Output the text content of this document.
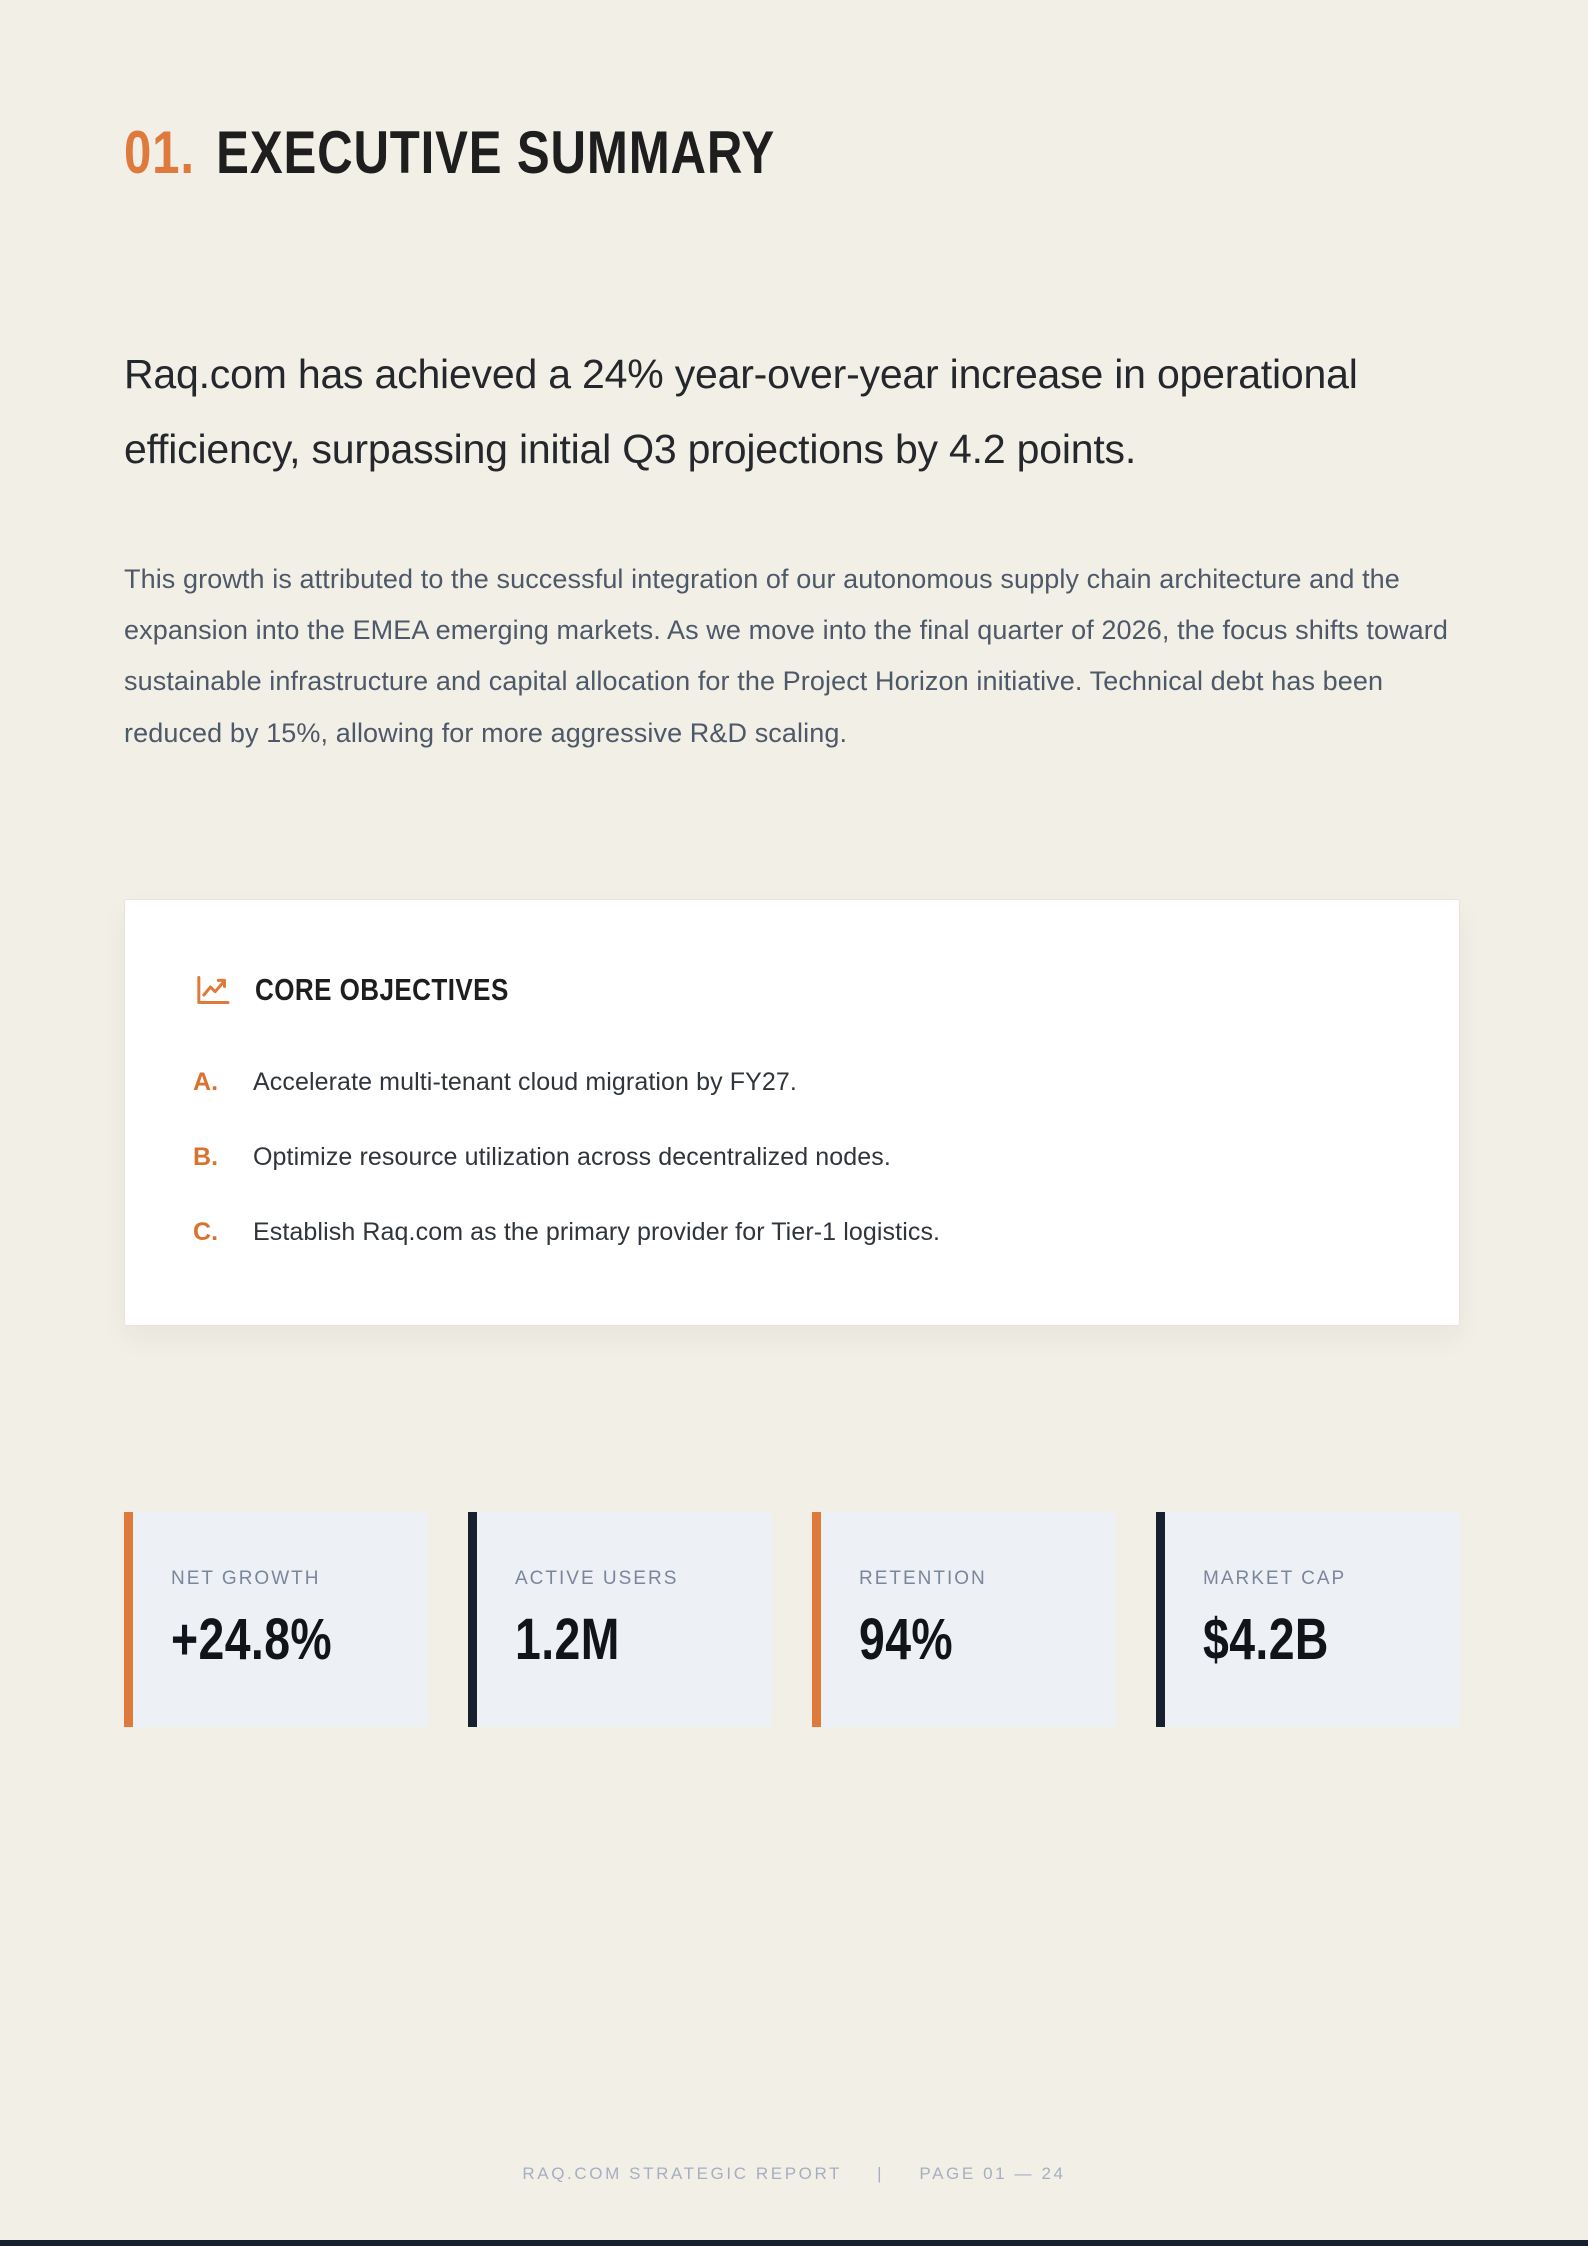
01. EXECUTIVE SUMMARY

Raq.com has achieved a 24% year-over-year increase in operational efficiency, surpassing initial Q3 projections by 4.2 points.

This growth is attributed to the successful integration of our autonomous supply chain architecture and the expansion into the EMEA emerging markets. As we move into the final quarter of 2026, the focus shifts toward sustainable infrastructure and capital allocation for the Project Horizon initiative. Technical debt has been reduced by 15%, allowing for more aggressive R&D scaling.

CORE OBJECTIVES
A. Accelerate multi-tenant cloud migration by FY27.
B. Optimize resource utilization across decentralized nodes.
C. Establish Raq.com as the primary provider for Tier-1 logistics.
NET GROWTH
+24.8%
ACTIVE USERS
1.2M
RETENTION
94%
MARKET CAP
$4.2B
RAQ.COM STRATEGIC REPORT | PAGE 01 — 24
